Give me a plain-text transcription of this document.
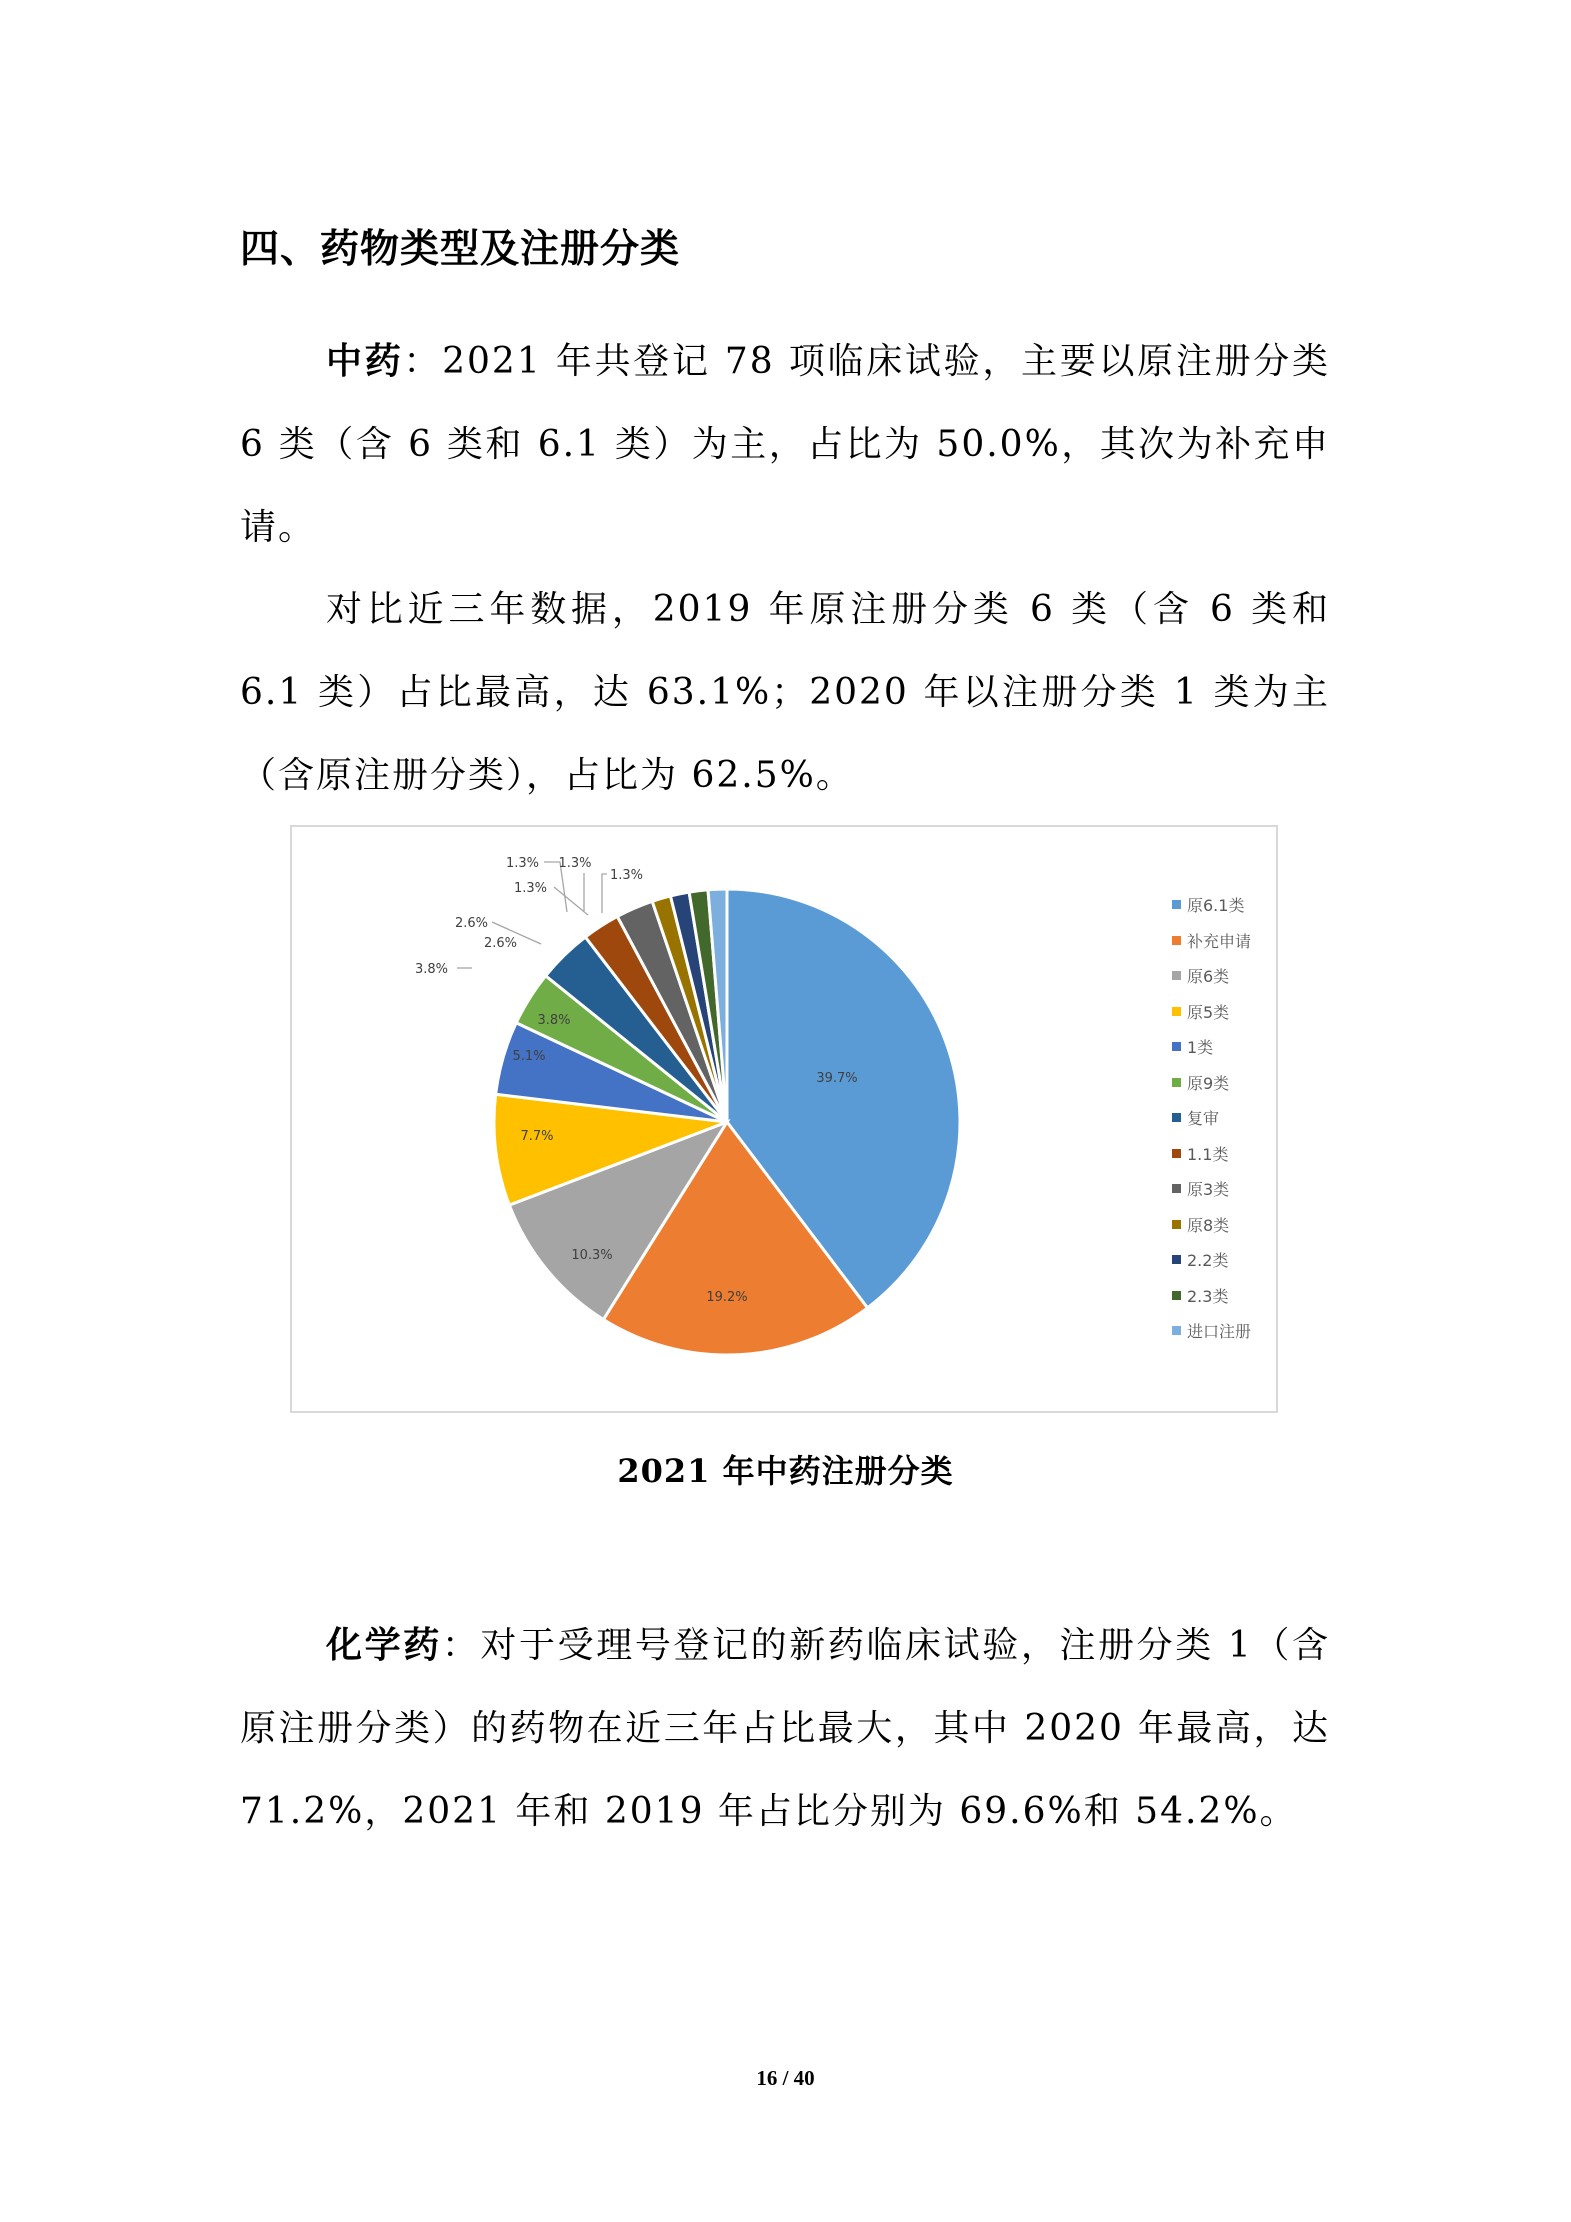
四、药物类型及注册分类

中药：2021 年共登记 78 项临床试验，主要以原注册分类 6 类（含 6 类和 6.1 类）为主，占比为 50.0%，其次为补充申请。

对比近三年数据，2019 年原注册分类 6 类（含 6 类和 6.1 类）占比最高，达 63.1%；2020 年以注册分类 1 类为主（含原注册分类），占比为 62.5%。

39.7%
19.2%
10.3%
7.7%
5.1%
3.8%
3.8%
2.6%
2.6%
1.3%
1.3% 1.3%
1.3%
原6.1类
补充申请
原6类
原5类
1类
原9类
复审
1.1类
原3类
原8类
2.2类
2.3类
进口注册

2021 年中药注册分类

化学药：对于受理号登记的新药临床试验，注册分类 1（含原注册分类）的药物在近三年占比最大，其中 2020 年最高，达 71.2%，2021 年和 2019 年占比分别为 69.6%和 54.2%。

16 / 40
